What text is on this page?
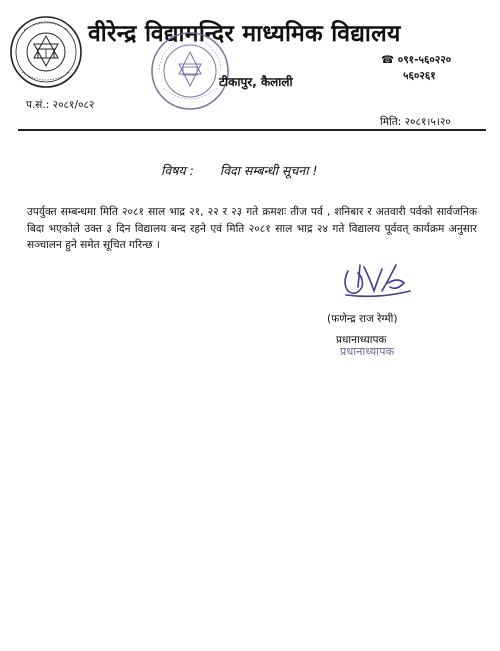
वीरेन्द्र विद्यामन्दिर माध्यमिक विद्यालय
☎ ०९१-५६०२२०
५६०२६१
टीकापुर, कैलाली
प.सं.: २०८१/०८२
मिति: २०८१।५।२०
विषय : विदा सम्बन्धी सूचना !
उपर्युक्त सम्बन्धमा मिति २०८१ साल भाद्र २१, २२ र २३ गते क्रमशः तीज पर्व , शनिबार र अतवारी पर्वको सार्वजनिक बिदा भएकोले उक्त ३ दिन विद्यालय बन्द रहने एवं मिति २०८१ साल भाद्र २४ गते विद्यालय पूर्ववत् कार्यक्रम अनुसार सञ्चालन हुने समेत सूचित गरिन्छ ।
(फणेन्द्र राज रेग्मी)
प्रधानाध्यापक
प्रधानाध्यापक
